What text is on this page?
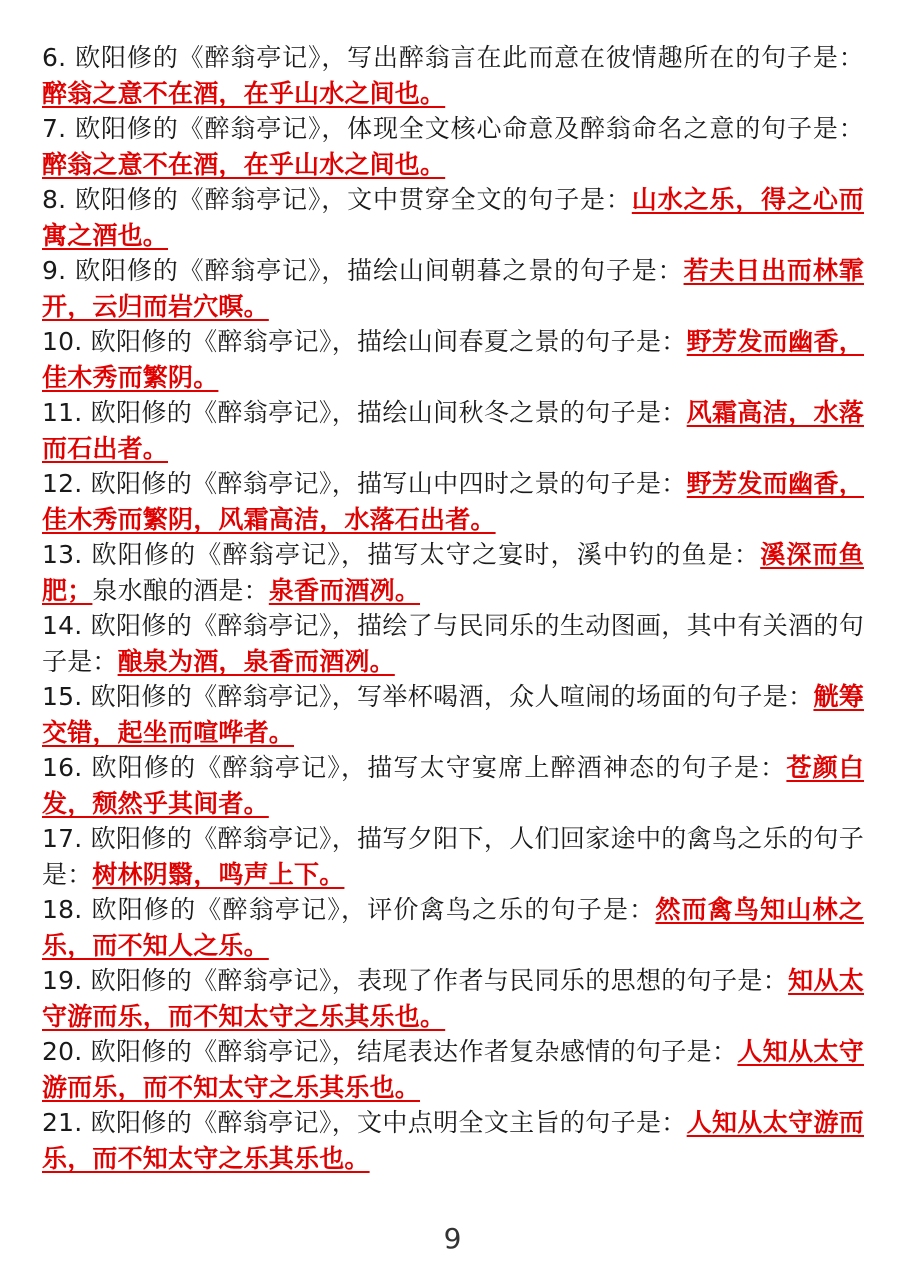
6. 欧阳修的《醉翁亭记》，写出醉翁言在此而意在彼情趣所在的句子是：醉翁之意不在酒，在乎山水之间也。
7. 欧阳修的《醉翁亭记》，体现全文核心命意及醉翁命名之意的句子是：醉翁之意不在酒，在乎山水之间也。
8. 欧阳修的《醉翁亭记》，文中贯穿全文的句子是：山水之乐，得之心而寓之酒也。
9. 欧阳修的《醉翁亭记》，描绘山间朝暮之景的句子是：若夫日出而林霏开，云归而岩穴暝。
10. 欧阳修的《醉翁亭记》，描绘山间春夏之景的句子是：野芳发而幽香，佳木秀而繁阴。
11. 欧阳修的《醉翁亭记》，描绘山间秋冬之景的句子是：风霜高洁，水落而石出者。
12. 欧阳修的《醉翁亭记》，描写山中四时之景的句子是：野芳发而幽香，佳木秀而繁阴，风霜高洁，水落石出者。
13. 欧阳修的《醉翁亭记》，描写太守之宴时，溪中钓的鱼是：溪深而鱼肥；泉水酿的酒是：泉香而酒冽。
14. 欧阳修的《醉翁亭记》，描绘了与民同乐的生动图画，其中有关酒的句子是：酿泉为酒，泉香而酒冽。
15. 欧阳修的《醉翁亭记》，写举杯喝酒，众人喧闹的场面的句子是：觥筹交错，起坐而喧哗者。
16. 欧阳修的《醉翁亭记》，描写太守宴席上醉酒神态的句子是：苍颜白发，颓然乎其间者。
17. 欧阳修的《醉翁亭记》，描写夕阳下，人们回家途中的禽鸟之乐的句子是：树林阴翳，鸣声上下。
18. 欧阳修的《醉翁亭记》，评价禽鸟之乐的句子是：然而禽鸟知山林之乐，而不知人之乐。
19. 欧阳修的《醉翁亭记》，表现了作者与民同乐的思想的句子是：知从太守游而乐，而不知太守之乐其乐也。
20. 欧阳修的《醉翁亭记》，结尾表达作者复杂感情的句子是：人知从太守游而乐，而不知太守之乐其乐也。
21. 欧阳修的《醉翁亭记》，文中点明全文主旨的句子是：人知从太守游而乐，而不知太守之乐其乐也。
9
